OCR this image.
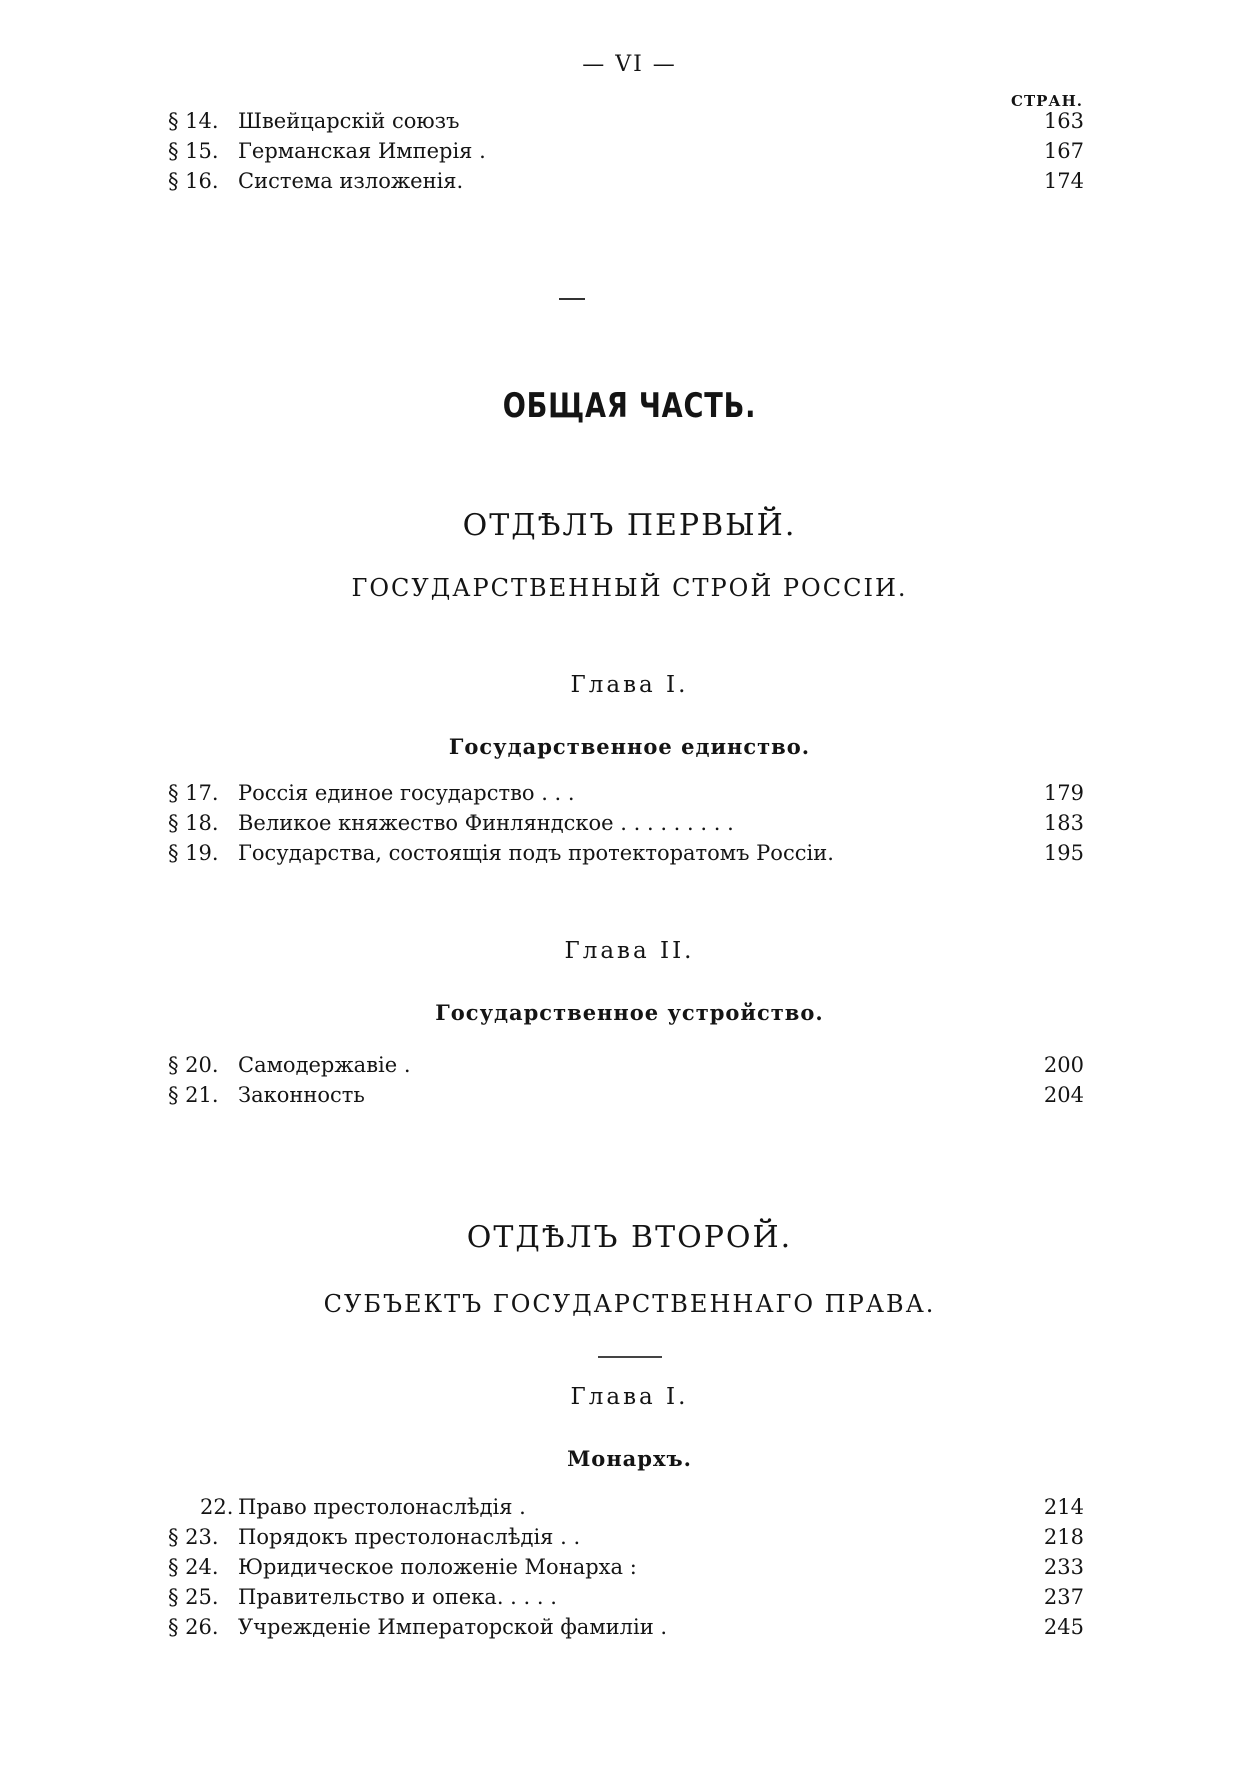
— VI —
СТРАН.
§ 14. Швейцарскій союзъ	163
§ 15. Германская Имперія .	167
§ 16. Система изложенія.	174
ОБЩАЯ ЧАСТЬ.
ОТДѢЛЪ ПЕРВЫЙ.
ГОСУДАРСТВЕННЫЙ СТРОЙ РОССІИ.
Глава I.
Государственное единство.
§ 17. Россія единое государство . . .	179
§ 18. Великое княжество Финляндское . . . . . . . . .	183
§ 19. Государства, состоящія подъ протекторатомъ Россіи.	195
Глава II.
Государственное устройство.
§ 20. Самодержавіе .	200
§ 21. Законность	204
ОТДѢЛЪ ВТОРОЙ.
СУБЪЕКТЪ ГОСУДАРСТВЕННАГО ПРАВА.
Глава I.
Монархъ.
22. Право престолонаслѣдія .	214
§ 23. Порядокъ престолонаслѣдія . .	218
§ 24. Юридическое положеніе Монарха :	233
§ 25. Правительство и опека. . . . .	237
§ 26. Учрежденіе Императорской фамиліи .	245
